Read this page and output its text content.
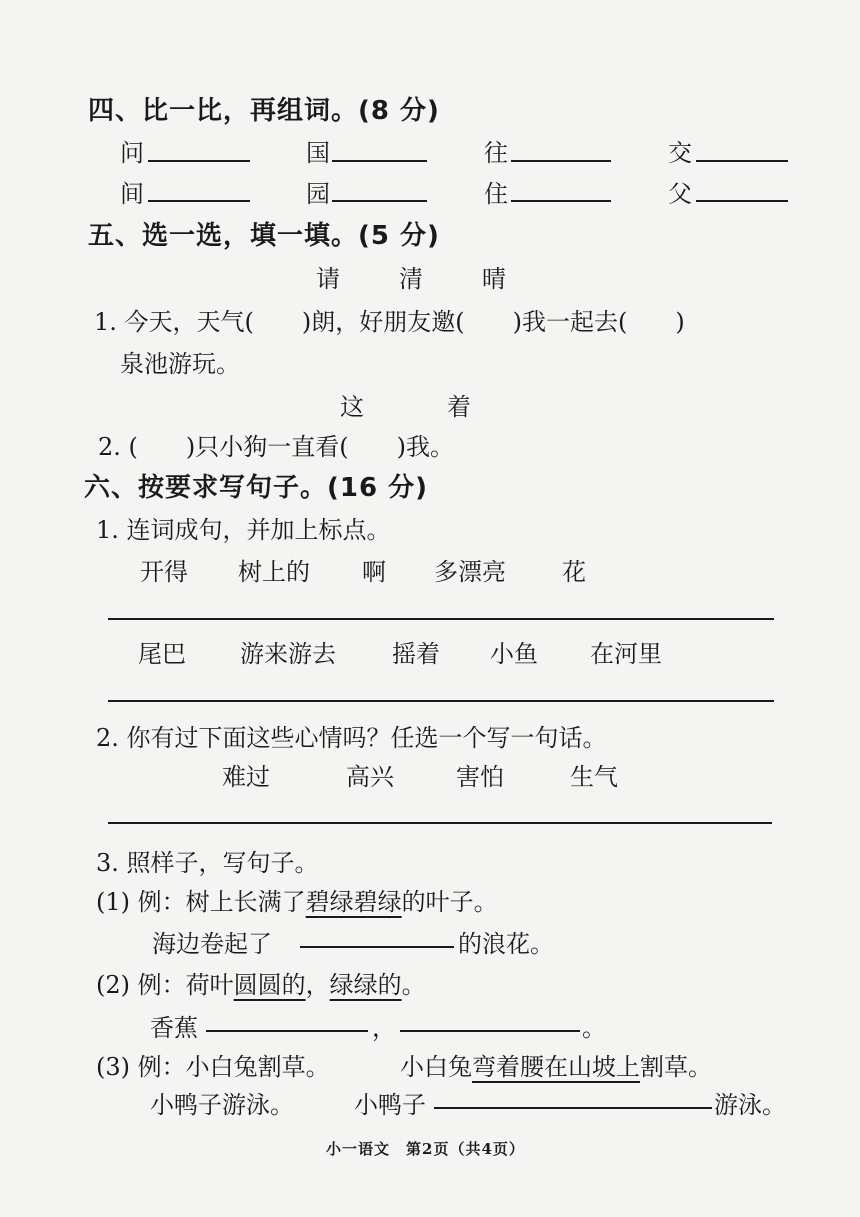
四、比一比，再组词。(8 分)
问	国	往	交
间	园	住	父
五、选一选，填一填。(5 分)
请 清 晴
1. 今天，天气(　　)朗，好朋友邀(　　)我一起去(　　)
泉池游玩。
这	着
2. (　　)只小狗一直看(　　)我。
六、按要求写句子。(16 分)
1. 连词成句，并加上标点。
开得 树上的 啊 多漂亮 花
尾巴 游来游去 摇着 小鱼 在河里
2. 你有过下面这些心情吗？任选一个写一句话。
难过	高兴	害怕	生气
3. 照样子，写句子。
(1) 例：树上长满了碧绿碧绿的叶子。
海边卷起了	的浪花。
(2) 例：荷叶圆圆的，绿绿的。
香蕉	，	。
(3) 例：小白兔割草。	小白兔弯着腰在山坡上割草。
小鸭子游泳。	小鸭子	游泳。
小一语文　第2页（共4页）
